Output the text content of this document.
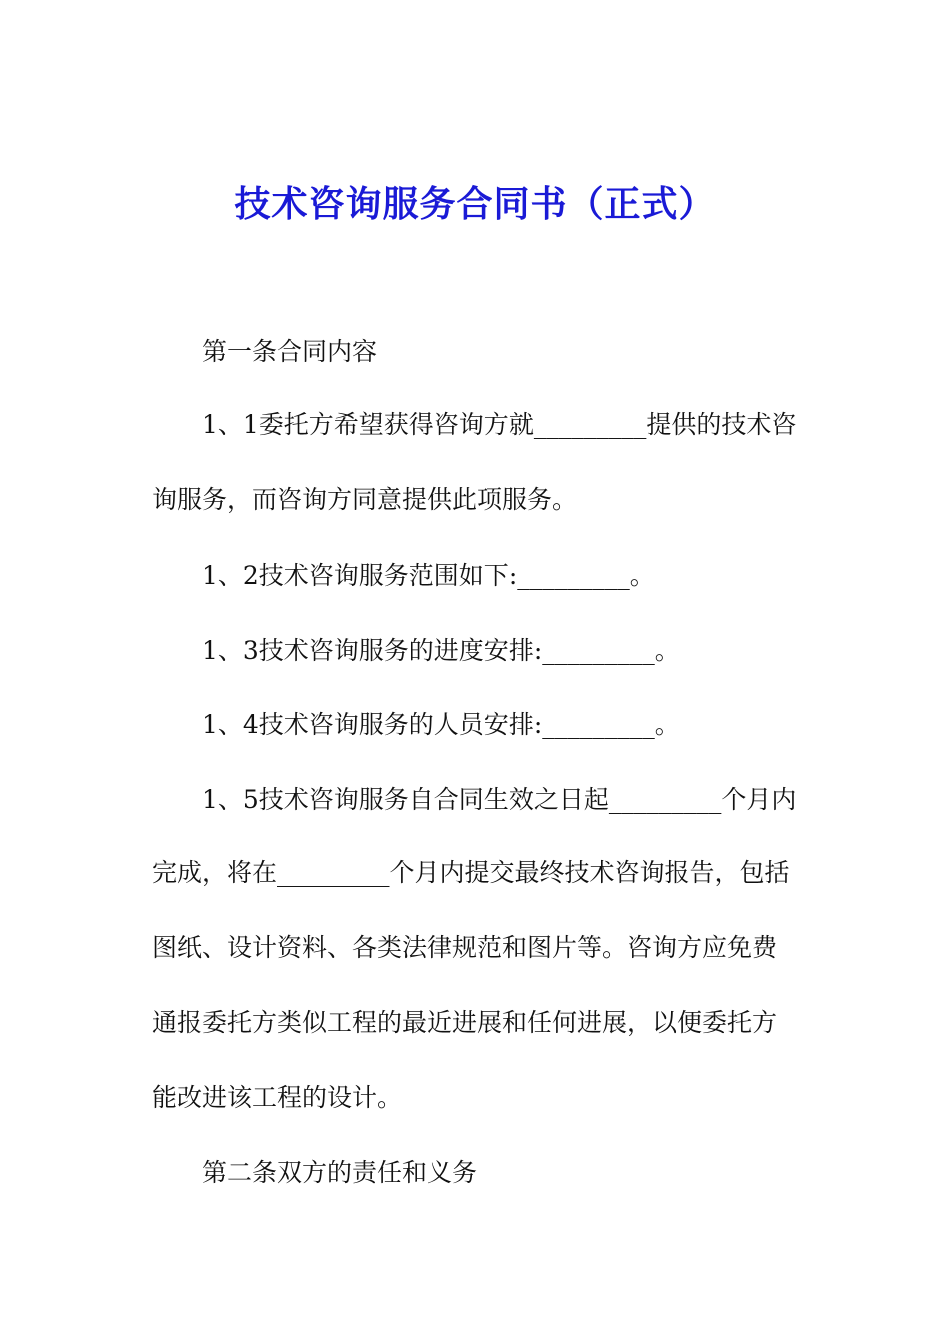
技术咨询服务合同书（正式）
第一条合同内容
1、1委托方希望获得咨询方就_________提供的技术咨
询服务，而咨询方同意提供此项服务。
1、2技术咨询服务范围如下:_________。
1、3技术咨询服务的进度安排:_________。
1、4技术咨询服务的人员安排:_________。
1、5技术咨询服务自合同生效之日起_________个月内
完成，将在_________个月内提交最终技术咨询报告，包括
图纸、设计资料、各类法律规范和图片等。咨询方应免费
通报委托方类似工程的最近进展和任何进展，以便委托方
能改进该工程的设计。
第二条双方的责任和义务
